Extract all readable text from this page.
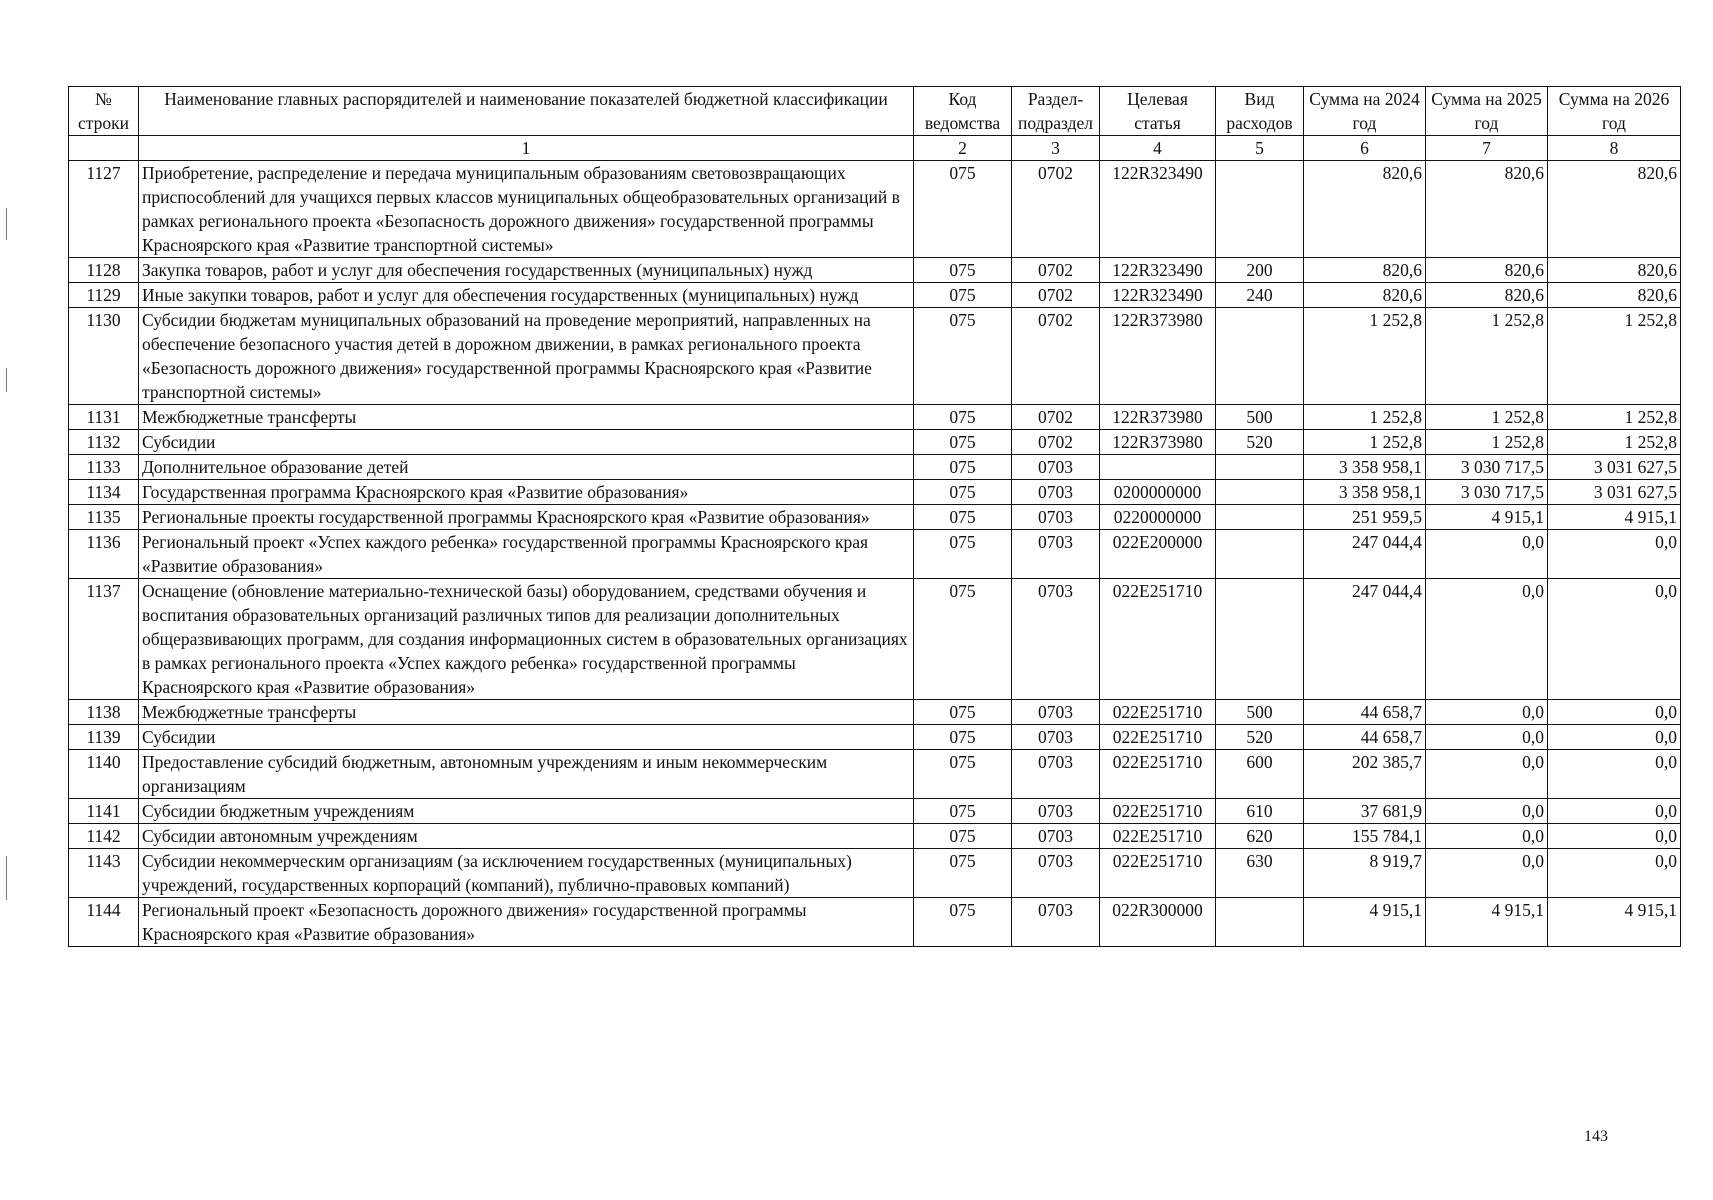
№ строки	Наименование главных распорядителей и наименование показателей бюджетной классификации	Код ведомства	Раздел-подраздел	Целевая статья	Вид расходов	Сумма на 2024 год	Сумма на 2025 год	Сумма на 2026 год
	1	2	3	4	5	6	7	8
1127	Приобретение, распределение и передача муниципальным образованиям световозвращающих приспособлений для учащихся первых классов муниципальных общеобразовательных организаций в рамках регионального проекта «Безопасность дорожного движения» государственной программы Красноярского края «Развитие транспортной системы»	075	0702	122R323490		820,6	820,6	820,6
1128	Закупка товаров, работ и услуг для обеспечения государственных (муниципальных) нужд	075	0702	122R323490	200	820,6	820,6	820,6
1129	Иные закупки товаров, работ и услуг для обеспечения государственных (муниципальных) нужд	075	0702	122R323490	240	820,6	820,6	820,6
1130	Субсидии бюджетам муниципальных образований на проведение мероприятий, направленных на обеспечение безопасного участия детей в дорожном движении, в рамках регионального проекта «Безопасность дорожного движения» государственной программы Красноярского края «Развитие транспортной системы»	075	0702	122R373980		1 252,8	1 252,8	1 252,8
1131	Межбюджетные трансферты	075	0702	122R373980	500	1 252,8	1 252,8	1 252,8
1132	Субсидии	075	0702	122R373980	520	1 252,8	1 252,8	1 252,8
1133	Дополнительное образование детей	075	0703			3 358 958,1	3 030 717,5	3 031 627,5
1134	Государственная программа Красноярского края «Развитие образования»	075	0703	0200000000		3 358 958,1	3 030 717,5	3 031 627,5
1135	Региональные проекты государственной программы Красноярского края «Развитие образования»	075	0703	0220000000		251 959,5	4 915,1	4 915,1
1136	Региональный проект «Успех каждого ребенка» государственной программы Красноярского края «Развитие образования»	075	0703	022E200000		247 044,4	0,0	0,0
1137	Оснащение (обновление материально-технической базы) оборудованием, средствами обучения и воспитания образовательных организаций различных типов для реализации дополнительных общеразвивающих программ, для создания информационных систем в образовательных организациях в рамках регионального проекта «Успех каждого ребенка» государственной программы Красноярского края «Развитие образования»	075	0703	022E251710		247 044,4	0,0	0,0
1138	Межбюджетные трансферты	075	0703	022E251710	500	44 658,7	0,0	0,0
1139	Субсидии	075	0703	022E251710	520	44 658,7	0,0	0,0
1140	Предоставление субсидий бюджетным, автономным учреждениям и иным некоммерческим организациям	075	0703	022E251710	600	202 385,7	0,0	0,0
1141	Субсидии бюджетным учреждениям	075	0703	022E251710	610	37 681,9	0,0	0,0
1142	Субсидии автономным учреждениям	075	0703	022E251710	620	155 784,1	0,0	0,0
1143	Субсидии некоммерческим организациям (за исключением государственных (муниципальных) учреждений, государственных корпораций (компаний), публично-правовых компаний)	075	0703	022E251710	630	8 919,7	0,0	0,0
1144	Региональный проект «Безопасность дорожного движения» государственной программы Красноярского края «Развитие образования»	075	0703	022R300000		4 915,1	4 915,1	4 915,1
143
